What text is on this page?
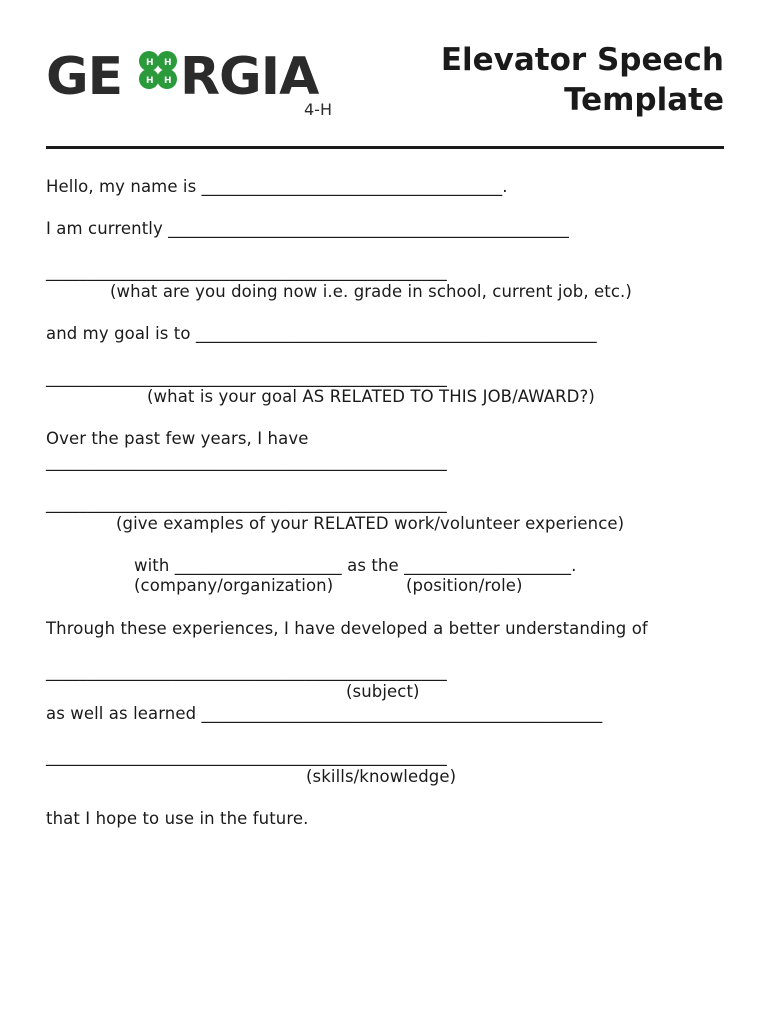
GE	H H
H H RGIA
4-H
Elevator Speech
Template
Hello, my name is ____________________________________.
I am currently ________________________________________________
________________________________________________
(what are you doing now i.e. grade in school, current job, etc.)
and my goal is to ________________________________________________
________________________________________________
(what is your goal AS RELATED TO THIS JOB/AWARD?)
Over the past few years, I have
________________________________________________
________________________________________________
(give examples of your RELATED work/volunteer experience)
with ____________________ as the ____________________.
(company/organization)	(position/role)
Through these experiences, I have developed a better understanding of
________________________________________________
(subject)
as well as learned ________________________________________________
________________________________________________
(skills/knowledge)
that I hope to use in the future.
